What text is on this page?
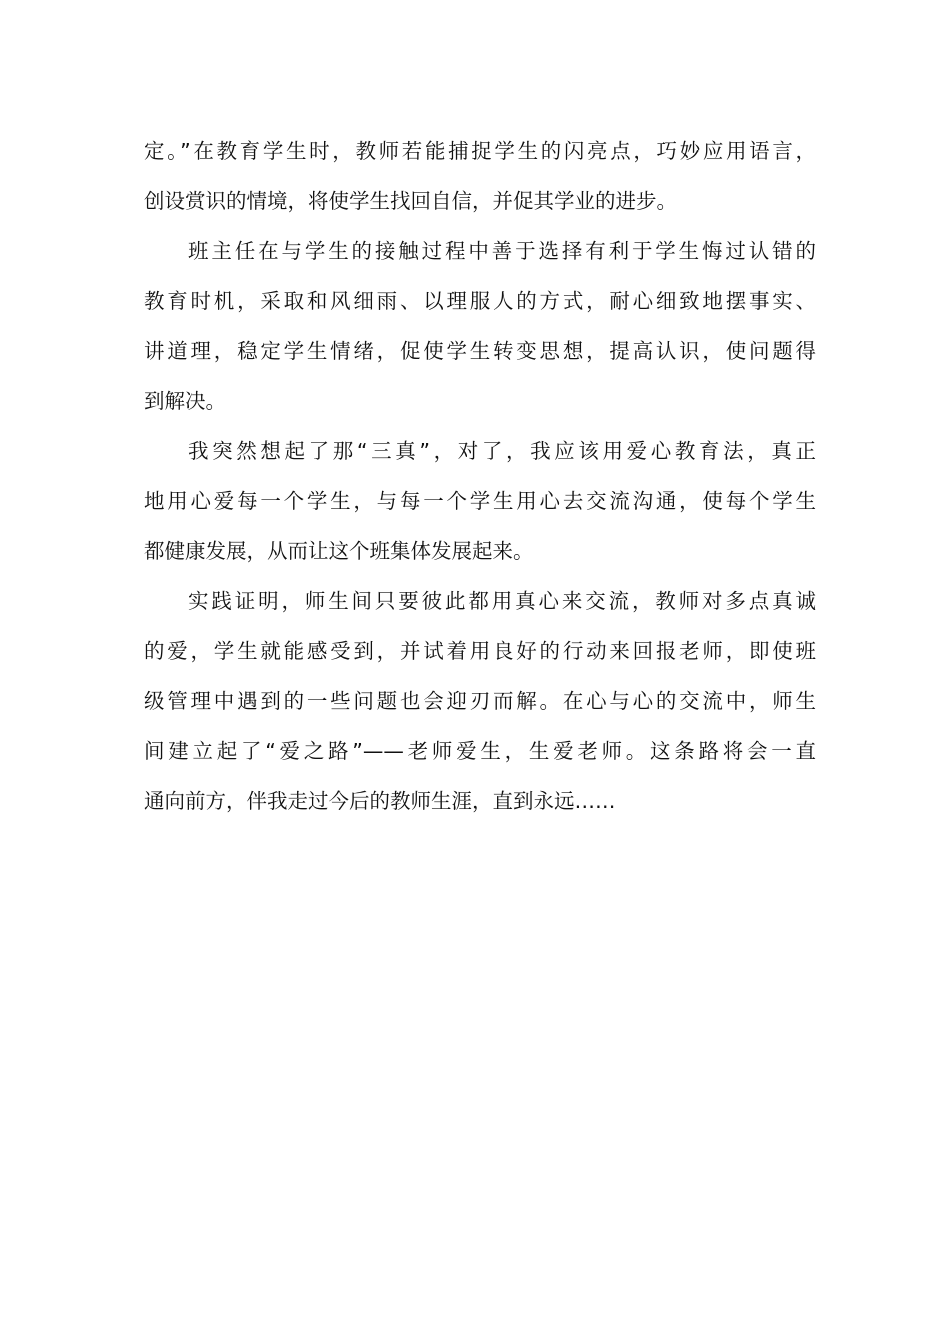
定。”在教育学生时，教师若能捕捉学生的闪亮点，巧妙应用语言，
创设赏识的情境，将使学生找回自信，并促其学业的进步。
班主任在与学生的接触过程中善于选择有利于学生悔过认错的
教育时机，采取和风细雨、以理服人的方式，耐心细致地摆事实、
讲道理，稳定学生情绪，促使学生转变思想，提高认识，使问题得
到解决。
我突然想起了那“三真”，对了，我应该用爱心教育法，真正
地用心爱每一个学生，与每一个学生用心去交流沟通，使每个学生
都健康发展，从而让这个班集体发展起来。
实践证明，师生间只要彼此都用真心来交流，教师对多点真诚
的爱，学生就能感受到，并试着用良好的行动来回报老师，即使班
级管理中遇到的一些问题也会迎刃而解。在心与心的交流中，师生
间建立起了“爱之路”——老师爱生，生爱老师。这条路将会一直
通向前方，伴我走过今后的教师生涯，直到永远……
